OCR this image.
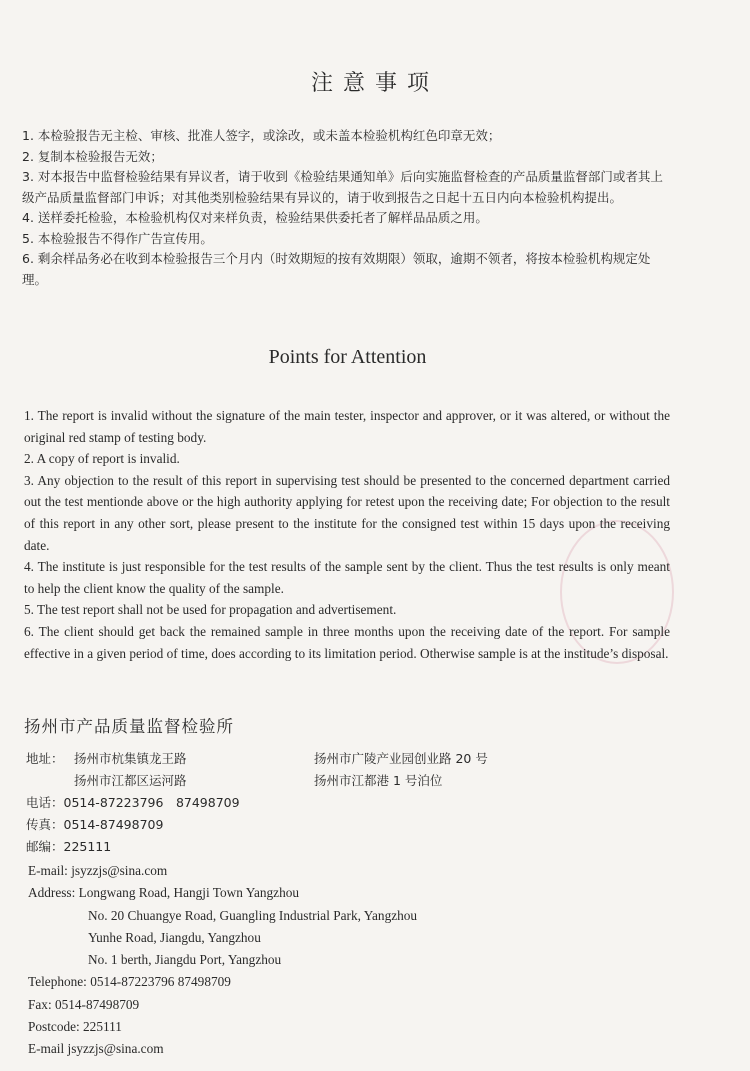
注意事项
1. 本检验报告无主检、审核、批准人签字，或涂改，或未盖本检验机构红色印章无效；
2. 复制本检验报告无效；
3. 对本报告中监督检验结果有异议者，请于收到《检验结果通知单》后向实施监督检查的产品质量监督部门或者其上级产品质量监督部门申诉；对其他类别检验结果有异议的，请于收到报告之日起十五日内向本检验机构提出。
4. 送样委托检验，本检验机构仅对来样负责，检验结果供委托者了解样品品质之用。
5. 本检验报告不得作广告宣传用。
6. 剩余样品务必在收到本检验报告三个月内（时效期短的按有效期限）领取，逾期不领者，将按本检验机构规定处理。
Points for Attention
1. The report is invalid without the signature of the main tester, inspector and approver, or it was altered, or without the original red stamp of testing body.
2. A copy of report is invalid.
3. Any objection to the result of this report in supervising test should be presented to the concerned department carried out the test mentionde above or the high authority applying for retest upon the receiving date; For objection to the result of this report in any other sort, please present to the institute for the consigned test within 15 days upon the receiving date.
4. The institute is just responsible for the test results of the sample sent by the client. Thus the test results is only meant to help the client know the quality of the sample.
5. The test report shall not be used for propagation and advertisement.
6. The client should get back the remained sample in three months upon the receiving date of the report. For sample effective in a given period of time, does according to its limitation period. Otherwise sample is at the institude’s disposal.
扬州市产品质量监督检验所
地址： 扬州市杭集镇龙王路	扬州市广陵产业园创业路 20 号
扬州市江都区运河路	扬州市江都港 1 号泊位
电话：0514-87223796　87498709
传真：0514-87498709
邮编：225111
E-mail: jsyzzjs@sina.com
Address: Longwang Road, Hangji Town Yangzhou
No. 20 Chuangye Road, Guangling Industrial Park, Yangzhou
Yunhe Road, Jiangdu, Yangzhou
No. 1 berth, Jiangdu Port, Yangzhou
Telephone: 0514-87223796 87498709
Fax: 0514-87498709
Postcode: 225111
E-mail jsyzzjs@sina.com
